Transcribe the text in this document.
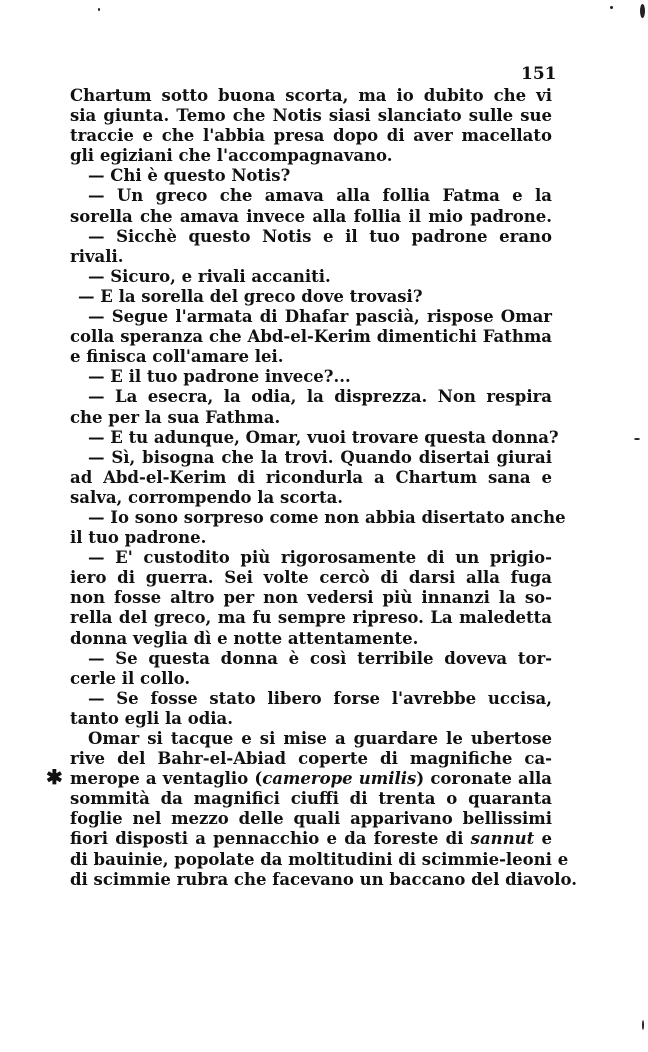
151
Chartum sotto buona scorta, ma io dubito che vi
sia giunta. Temo che Notis siasi slanciato sulle sue
traccie e che l'abbia presa dopo di aver macellato
gli egiziani che l'accompagnavano.
— Chi è questo Notis?
— Un greco che amava alla follia Fatma e la
sorella che amava invece alla follia il mio padrone.
— Sicchè questo Notis e il tuo padrone erano
rivali.
— Sicuro, e rivali accaniti.
— E la sorella del greco dove trovasi?
— Segue l'armata di Dhafar pascià, rispose Omar
colla speranza che Abd-el-Kerim dimentichi Fathma
e finisca coll'amare lei.
— E il tuo padrone invece?...
— La esecra, la odia, la disprezza. Non respira
che per la sua Fathma.
— E tu adunque, Omar, vuoi trovare questa donna?
— Sì, bisogna che la trovi. Quando disertai giurai
ad Abd-el-Kerim di ricondurla a Chartum sana e
salva, corrompendo la scorta.
— Io sono sorpreso come non abbia disertato anche
il tuo padrone.
— E' custodito più rigorosamente di un prigio-
iero di guerra. Sei volte cercò di darsi alla fuga
non fosse altro per non vedersi più innanzi la so-
rella del greco, ma fu sempre ripreso. La maledetta
donna veglia dì e notte attentamente.
— Se questa donna è così terribile doveva tor-
cerle il collo.
— Se fosse stato libero forse l'avrebbe uccisa,
tanto egli la odia.
Omar si tacque e si mise a guardare le ubertose
rive del Bahr-el-Abiad coperte di magnifiche ca-
merope a ventaglio (camerope umilis) coronate alla
sommità da magnifici ciuffi di trenta o quaranta
foglie nel mezzo delle quali apparivano bellissimi
fiori disposti a pennacchio e da foreste di sannut e
di bauinie, popolate da moltitudini di scimmie-leoni e
di scimmie rubra che facevano un baccano del diavolo.
✱
